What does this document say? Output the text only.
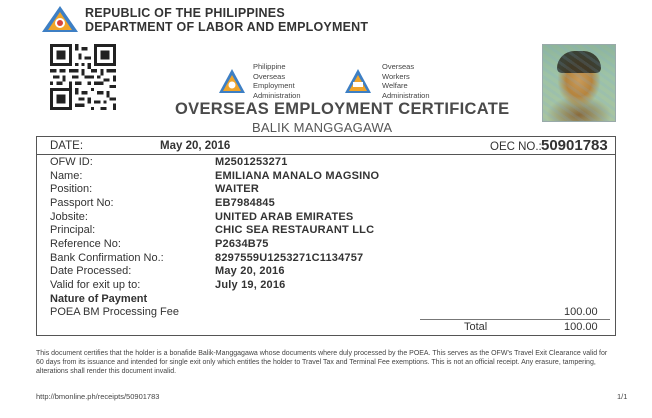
REPUBLIC OF THE PHILIPPINES
DEPARTMENT OF LABOR AND EMPLOYMENT
Philippine
Overseas
Employment
Administration
Overseas
Workers
Welfare
Administration
OVERSEAS EMPLOYMENT CERTIFICATE
BALIK MANGGAGAWA
DATE:	May 20, 2016	OEC NO.: 50901783
OFW ID:	M2501253271
Name:	EMILIANA MANALO MAGSINO
Position:	WAITER
Passport No:	EB7984845
Jobsite:	UNITED ARAB EMIRATES
Principal:	CHIC SEA RESTAURANT LLC
Reference No:	P2634B75
Bank Confirmation No.:	8297559U1253271C1134757
Date Processed:	May 20, 2016
Valid for exit up to:	July 19, 2016
Nature of Payment
POEA BM Processing Fee	100.00
Total	100.00
This document certifies that the holder is a bonafide Balik-Manggagawa whose documents where duly processed by the POEA. This serves as the OFW's Travel Exit Clearance valid for 60 days from its issuance and intended for single exit only which entitles the holder to Travel Tax and Terminal Fee exemptions. This is not an official receipt. Any erasure, tampering, alterations shall render this document invalid.
http://bmonline.ph/receipts/50901783	1/1
